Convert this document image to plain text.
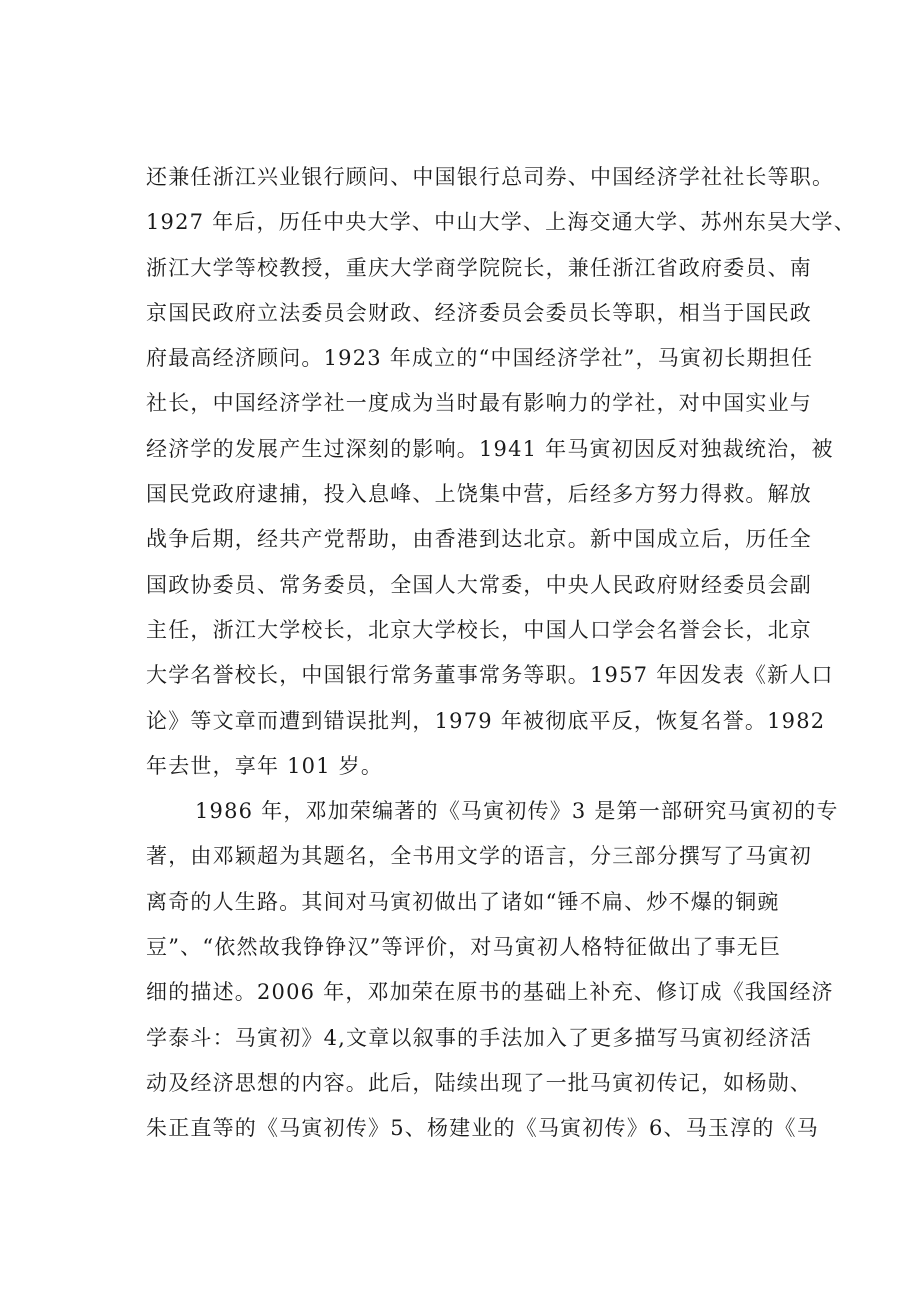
还兼任浙江兴业银行顾问、中国银行总司券、中国经济学社社长等职。
1927 年后，历任中央大学、中山大学、上海交通大学、苏州东吴大学、
浙江大学等校教授，重庆大学商学院院长，兼任浙江省政府委员、南
京国民政府立法委员会财政、经济委员会委员长等职，相当于国民政
府最高经济顾问。1923 年成立的“中国经济学社”，马寅初长期担任
社长，中国经济学社一度成为当时最有影响力的学社，对中国实业与
经济学的发展产生过深刻的影响。1941 年马寅初因反对独裁统治，被
国民党政府逮捕，投入息峰、上饶集中营，后经多方努力得救。解放
战争后期，经共产党帮助，由香港到达北京。新中国成立后，历任全
国政协委员、常务委员，全国人大常委，中央人民政府财经委员会副
主任，浙江大学校长，北京大学校长，中国人口学会名誉会长，北京
大学名誉校长，中国银行常务董事常务等职。1957 年因发表《新人口
论》等文章而遭到错误批判，1979 年被彻底平反，恢复名誉。1982
年去世，享年 101 岁。
1986 年，邓加荣编著的《马寅初传》3 是第一部研究马寅初的专
著，由邓颖超为其题名，全书用文学的语言，分三部分撰写了马寅初
离奇的人生路。其间对马寅初做出了诸如“锤不扁、炒不爆的铜豌
豆”、“依然故我铮铮汉”等评价，对马寅初人格特征做出了事无巨
细的描述。2006 年，邓加荣在原书的基础上补充、修订成《我国经济
学泰斗：马寅初》4,文章以叙事的手法加入了更多描写马寅初经济活
动及经济思想的内容。此后，陆续出现了一批马寅初传记，如杨勋、
朱正直等的《马寅初传》5、杨建业的《马寅初传》6、马玉淳的《马
